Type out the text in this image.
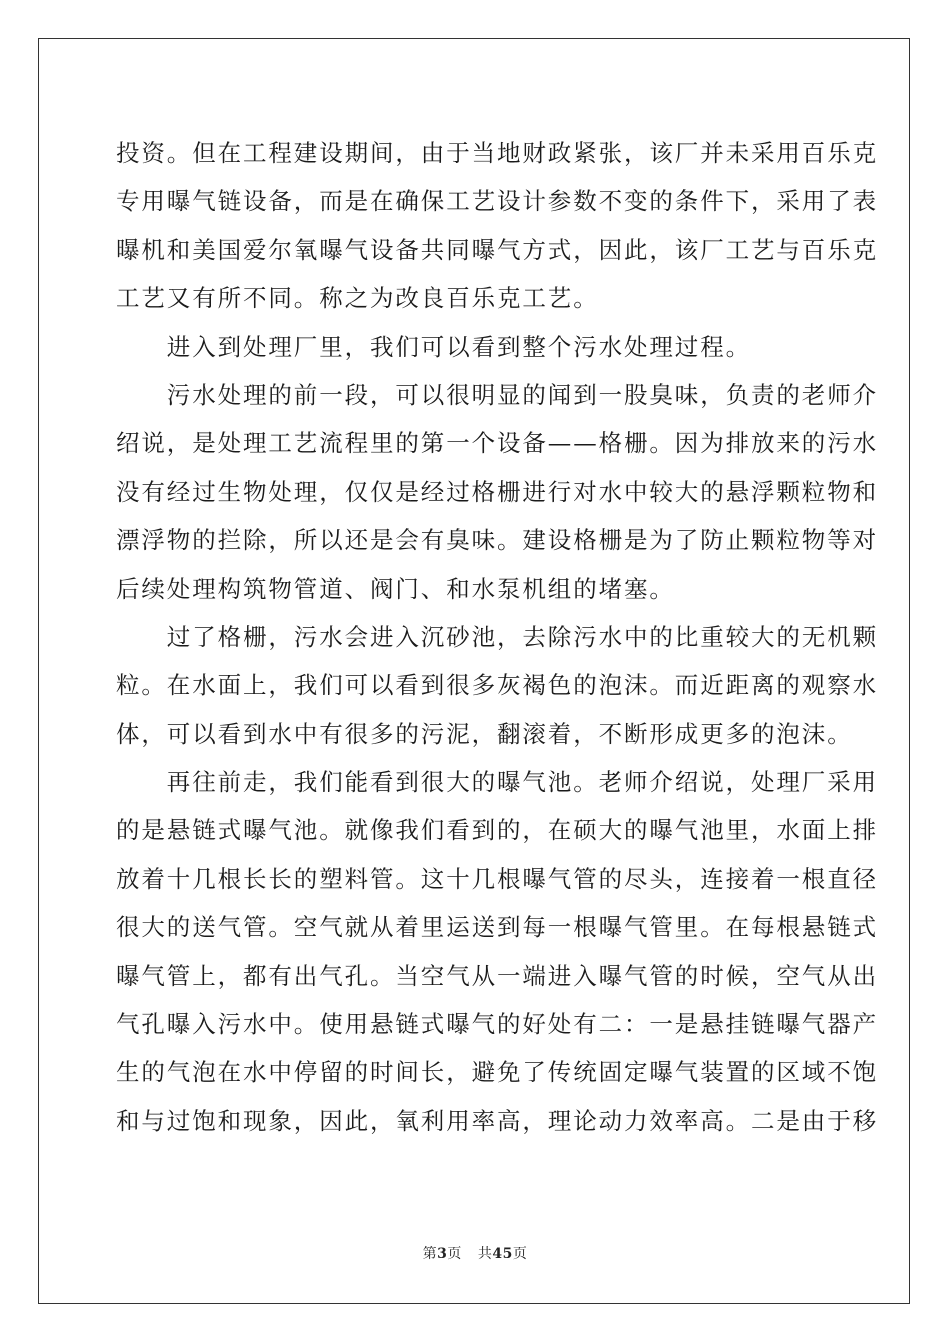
投资。但在工程建设期间，由于当地财政紧张，该厂并未采用百乐克
专用曝气链设备，而是在确保工艺设计参数不变的条件下，采用了表
曝机和美国爱尔氧曝气设备共同曝气方式，因此，该厂工艺与百乐克
工艺又有所不同。称之为改良百乐克工艺。
　　进入到处理厂里，我们可以看到整个污水处理过程。
　　污水处理的前一段，可以很明显的闻到一股臭味，负责的老师介
绍说，是处理工艺流程里的第一个设备——格栅。因为排放来的污水
没有经过生物处理，仅仅是经过格栅进行对水中较大的悬浮颗粒物和
漂浮物的拦除，所以还是会有臭味。建设格栅是为了防止颗粒物等对
后续处理构筑物管道、阀门、和水泵机组的堵塞。
　　过了格栅，污水会进入沉砂池，去除污水中的比重较大的无机颗
粒。在水面上，我们可以看到很多灰褐色的泡沫。而近距离的观察水
体，可以看到水中有很多的污泥，翻滚着，不断形成更多的泡沫。
　　再往前走，我们能看到很大的曝气池。老师介绍说，处理厂采用
的是悬链式曝气池。就像我们看到的，在硕大的曝气池里，水面上排
放着十几根长长的塑料管。这十几根曝气管的尽头，连接着一根直径
很大的送气管。空气就从着里运送到每一根曝气管里。在每根悬链式
曝气管上，都有出气孔。当空气从一端进入曝气管的时候，空气从出
气孔曝入污水中。使用悬链式曝气的好处有二：一是悬挂链曝气器产
生的气泡在水中停留的时间长，避免了传统固定曝气装置的区域不饱
和与过饱和现象，因此，氧利用率高，理论动力效率高。二是由于移
第3页 共45页
